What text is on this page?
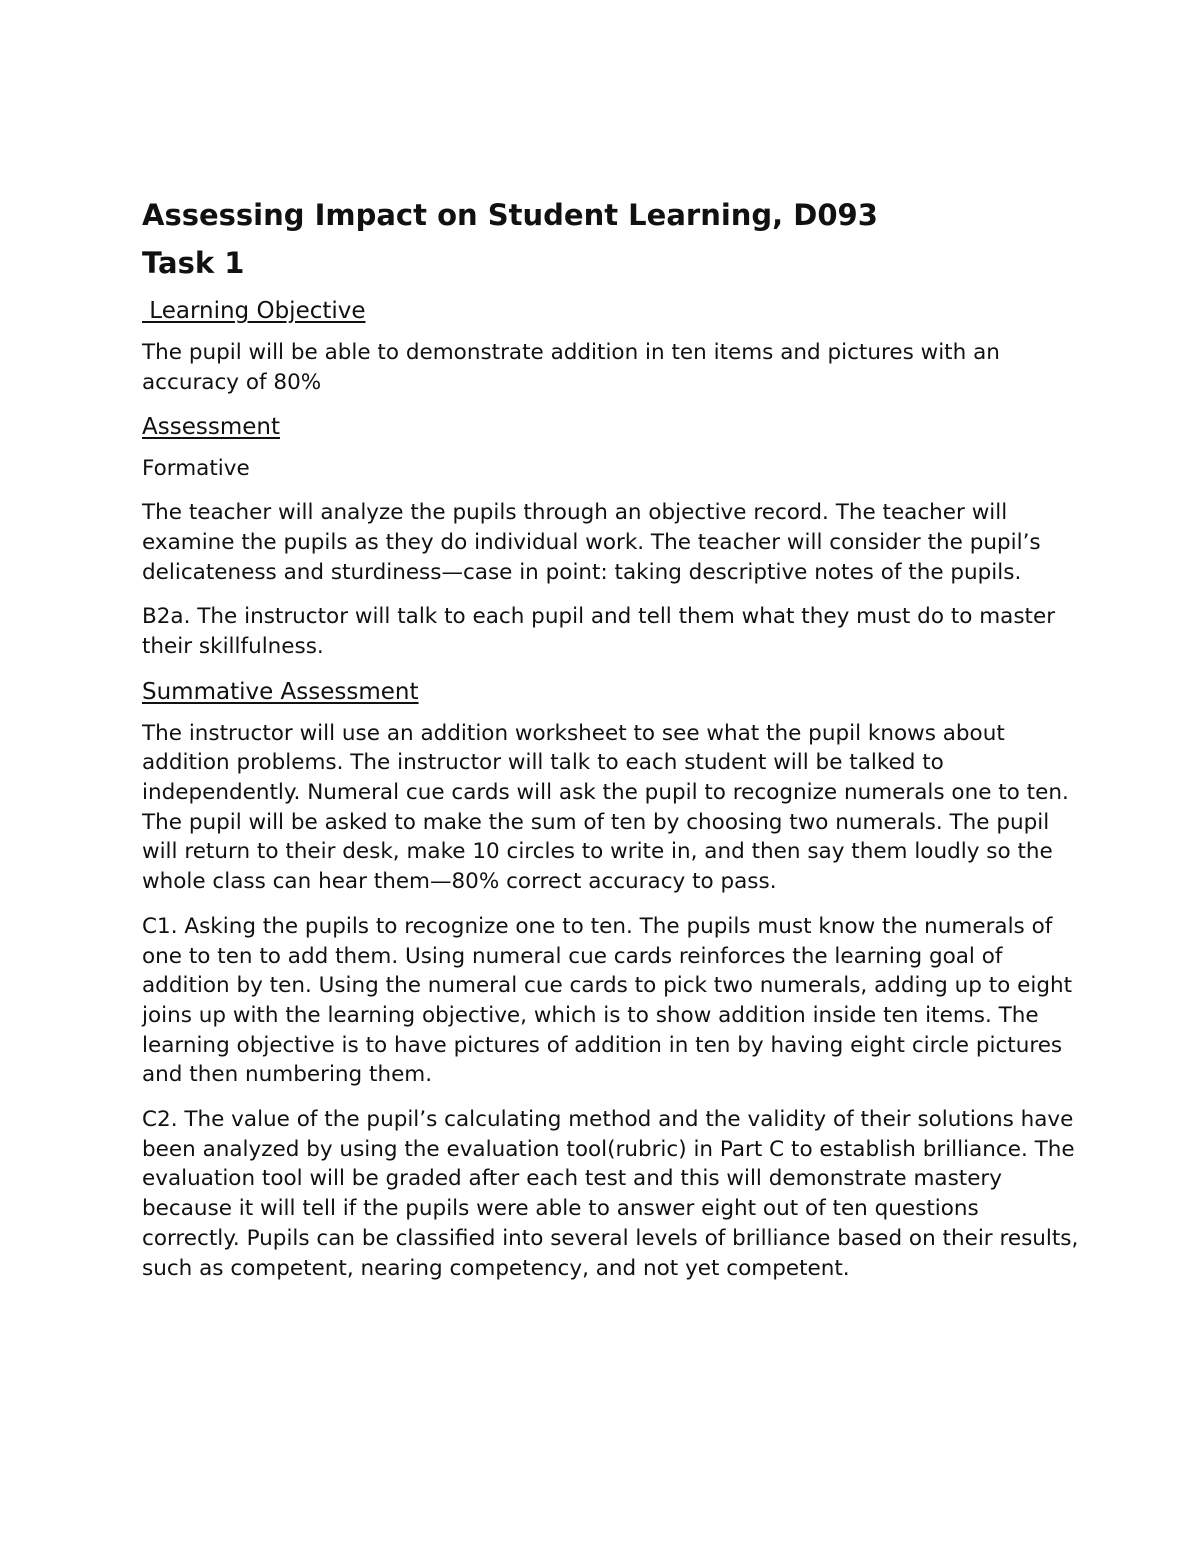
Assessing Impact on Student Learning, D093
Task 1
Learning Objective

The pupil will be able to demonstrate addition in ten items and pictures with an accuracy of 80%

Assessment

Formative

The teacher will analyze the pupils through an objective record. The teacher will examine the pupils as they do individual work. The teacher will consider the pupil’s delicateness and sturdiness—case in point: taking descriptive notes of the pupils.

B2a. The instructor will talk to each pupil and tell them what they must do to master their skillfulness.

Summative Assessment

The instructor will use an addition worksheet to see what the pupil knows about addition problems. The instructor will talk to each student will be talked to independently. Numeral cue cards will ask the pupil to recognize numerals one to ten. The pupil will be asked to make the sum of ten by choosing two numerals. The pupil will return to their desk, make 10 circles to write in, and then say them loudly so the whole class can hear them—80% correct accuracy to pass.

C1. Asking the pupils to recognize one to ten. The pupils must know the numerals of one to ten to add them. Using numeral cue cards reinforces the learning goal of addition by ten. Using the numeral cue cards to pick two numerals, adding up to eight joins up with the learning objective, which is to show addition inside ten items. The learning objective is to have pictures of addition in ten by having eight circle pictures and then numbering them.

C2. The value of the pupil’s calculating method and the validity of their solutions have been analyzed by using the evaluation tool(rubric) in Part C to establish brilliance. The evaluation tool will be graded after each test and this will demonstrate mastery because it will tell if the pupils were able to answer eight out of ten questions correctly. Pupils can be classified into several levels of brilliance based on their results, such as competent, nearing competency, and not yet competent.
